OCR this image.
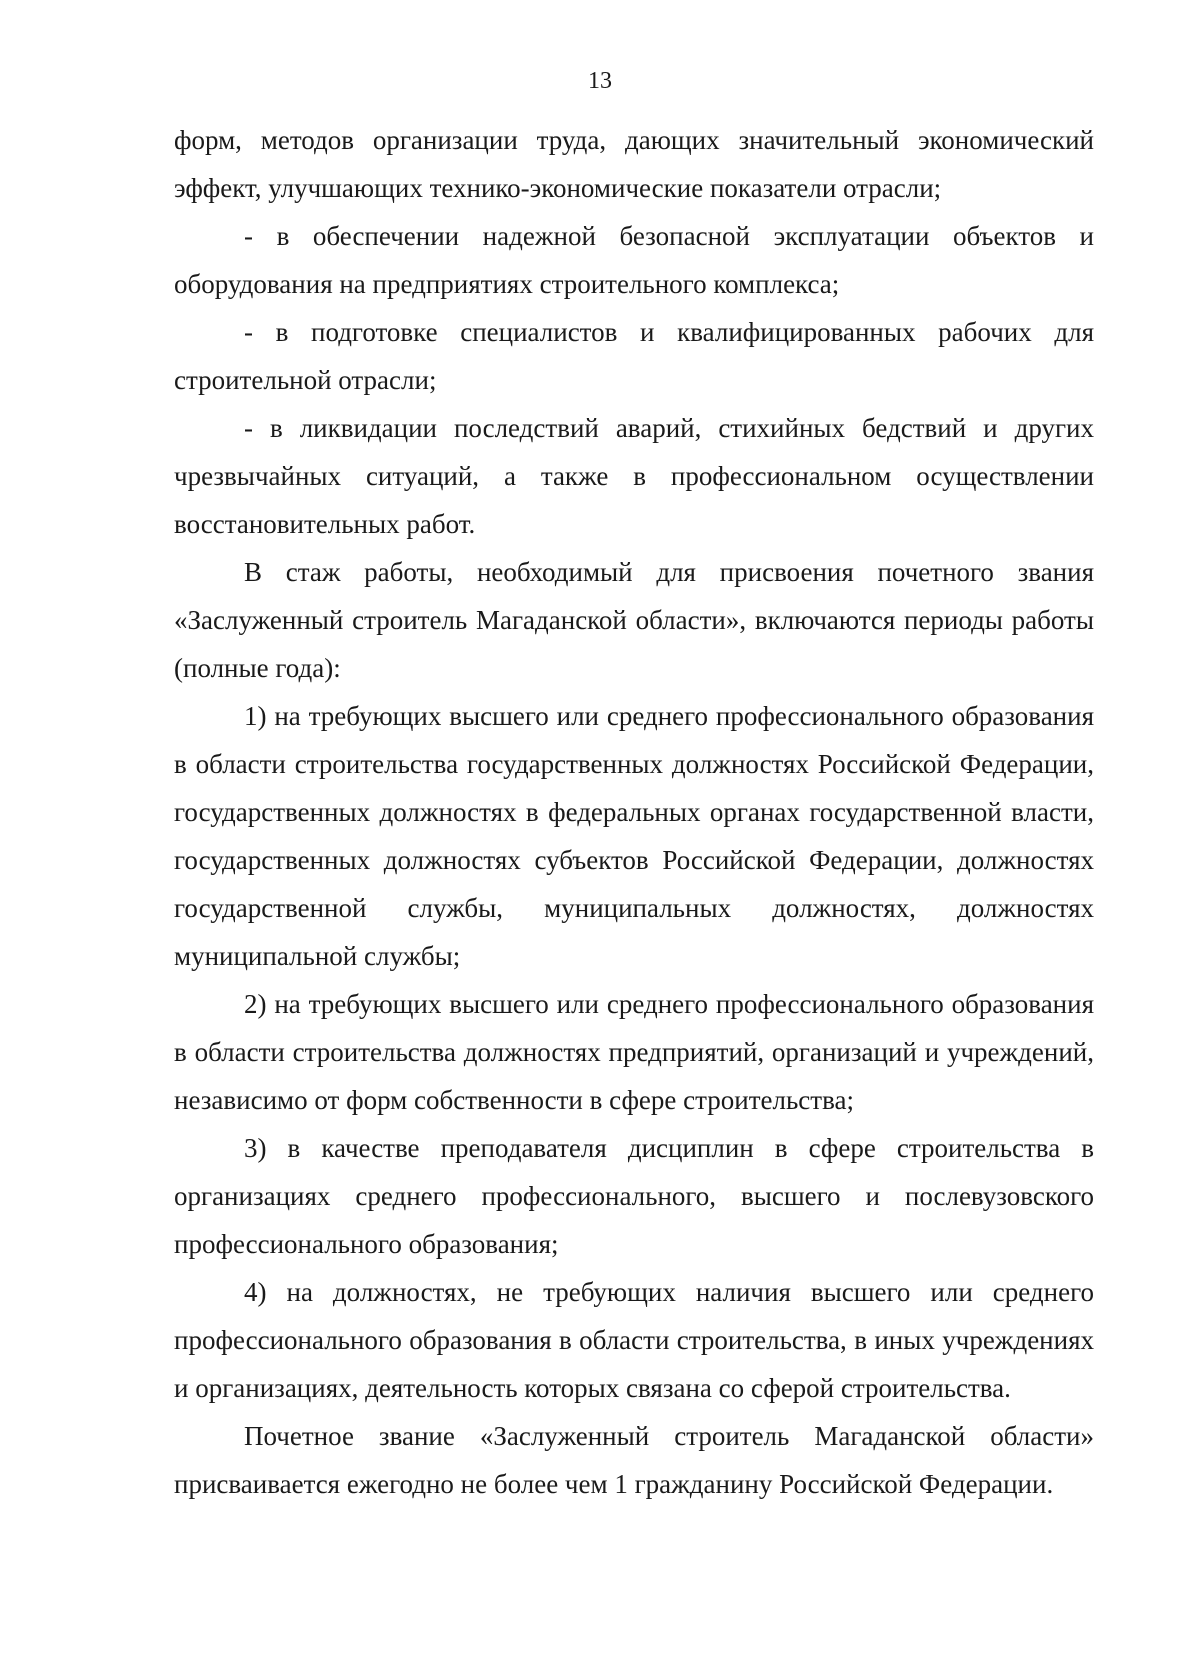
13

форм, методов организации труда, дающих значительный экономический эффект, улучшающих технико-экономические показатели отрасли;

- в обеспечении надежной безопасной эксплуатации объектов и оборудования на предприятиях строительного комплекса;

- в подготовке специалистов и квалифицированных рабочих для строительной отрасли;

- в ликвидации последствий аварий, стихийных бедствий и других чрезвычайных ситуаций, а также в профессиональном осуществлении восстановительных работ.

В стаж работы, необходимый для присвоения почетного звания «Заслуженный строитель Магаданской области», включаются периоды работы (полные года):

1) на требующих высшего или среднего профессионального образования в области строительства государственных должностях Российской Федерации, государственных должностях в федеральных органах государственной власти, государственных должностях субъектов Российской Федерации, должностях государственной службы, муниципальных должностях, должностях муниципальной службы;

2) на требующих высшего или среднего профессионального образования в области строительства должностях предприятий, организаций и учреждений, независимо от форм собственности в сфере строительства;

3) в качестве преподавателя дисциплин в сфере строительства в организациях среднего профессионального, высшего и послевузовского профессионального образования;

4) на должностях, не требующих наличия высшего или среднего профессионального образования в области строительства, в иных учреждениях и организациях, деятельность которых связана со сферой строительства.

Почетное звание «Заслуженный строитель Магаданской области» присваивается ежегодно не более чем 1 гражданину Российской Федерации.
